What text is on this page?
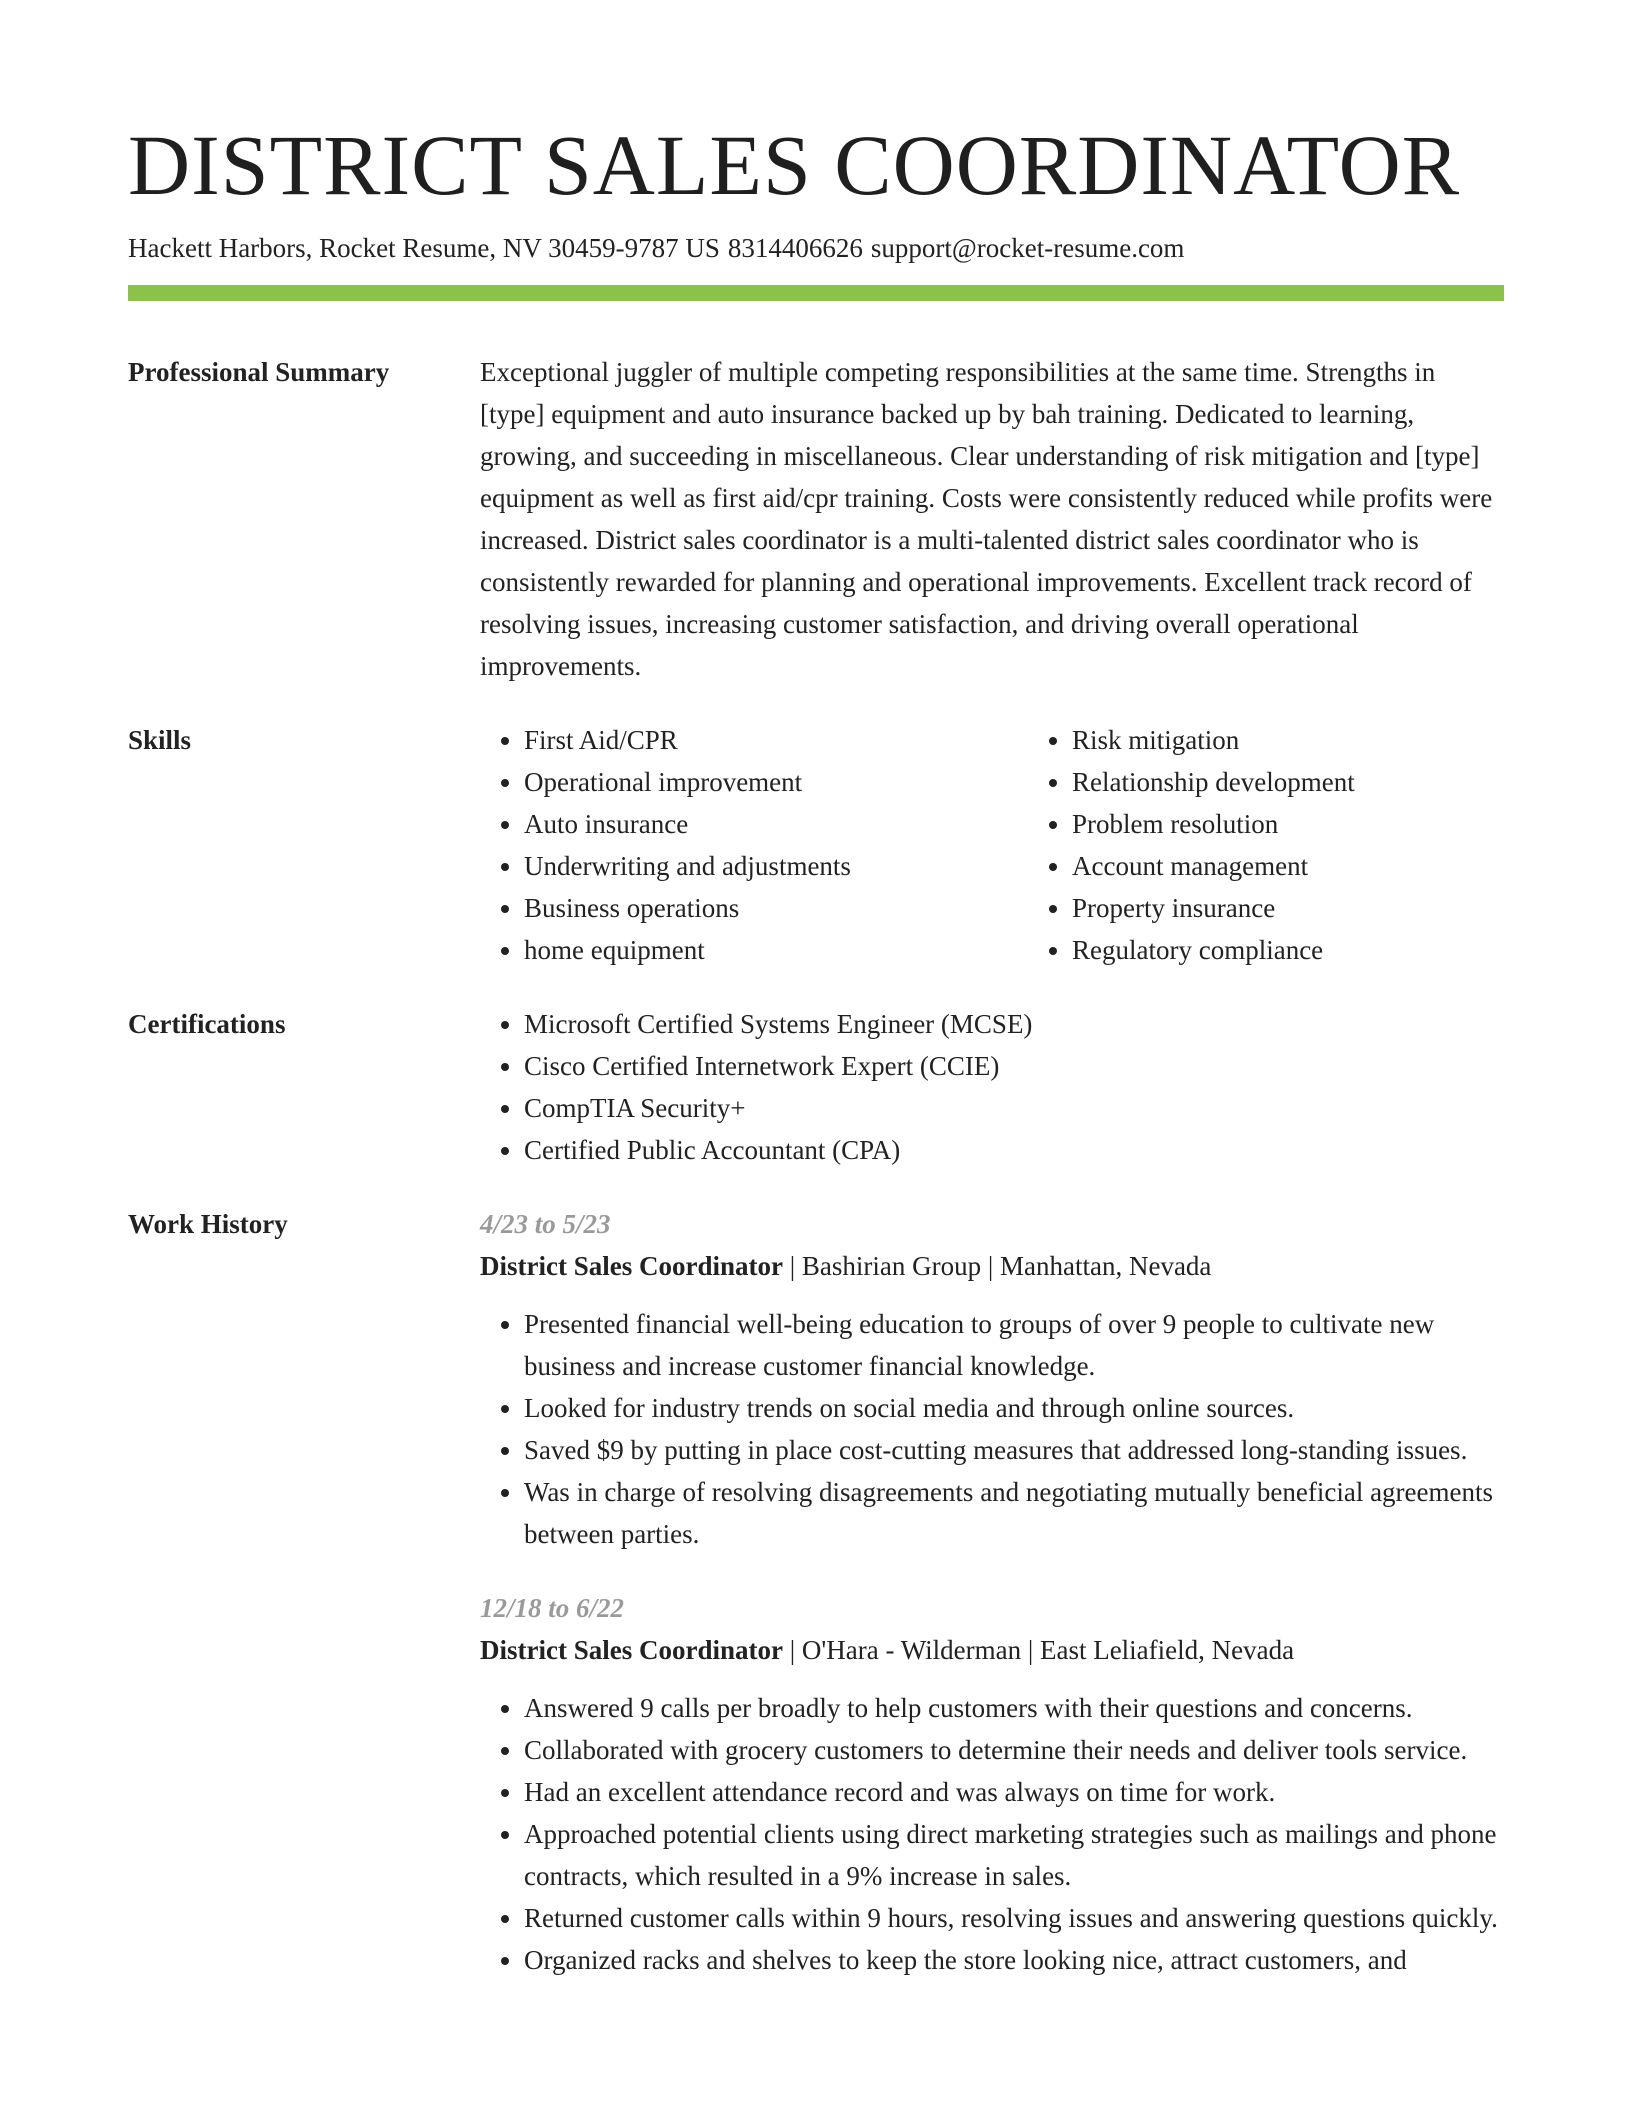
DISTRICT SALES COORDINATOR
Hackett Harbors, Rocket Resume, NV 30459-9787 US 8314406626 support@rocket-resume.com
Professional Summary	Exceptional juggler of multiple competing responsibilities at the same time. Strengths in [type] equipment and auto insurance backed up by bah training. Dedicated to learning, growing, and succeeding in miscellaneous. Clear understanding of risk mitigation and [type] equipment as well as first aid/cpr training. Costs were consistently reduced while profits were increased. District sales coordinator is a multi-talented district sales coordinator who is consistently rewarded for planning and operational improvements. Excellent track record of resolving issues, increasing customer satisfaction, and driving overall operational improvements.
Skills	• First Aid/CPR
• Operational improvement
• Auto insurance
• Underwriting and adjustments
• Business operations
• home equipment
• Risk mitigation
• Relationship development
• Problem resolution
• Account management
• Property insurance
• Regulatory compliance
Certifications	• Microsoft Certified Systems Engineer (MCSE)
• Cisco Certified Internetwork Expert (CCIE)
• CompTIA Security+
• Certified Public Accountant (CPA)
Work History	4/23 to 5/23
District Sales Coordinator | Bashirian Group | Manhattan, Nevada
• Presented financial well-being education to groups of over 9 people to cultivate new business and increase customer financial knowledge.
• Looked for industry trends on social media and through online sources.
• Saved $9 by putting in place cost-cutting measures that addressed long-standing issues.
• Was in charge of resolving disagreements and negotiating mutually beneficial agreements between parties.
12/18 to 6/22
District Sales Coordinator | O'Hara - Wilderman | East Leliafield, Nevada
• Answered 9 calls per broadly to help customers with their questions and concerns.
• Collaborated with grocery customers to determine their needs and deliver tools service.
• Had an excellent attendance record and was always on time for work.
• Approached potential clients using direct marketing strategies such as mailings and phone contracts, which resulted in a 9% increase in sales.
• Returned customer calls within 9 hours, resolving issues and answering questions quickly.
• Organized racks and shelves to keep the store looking nice, attract customers, and
